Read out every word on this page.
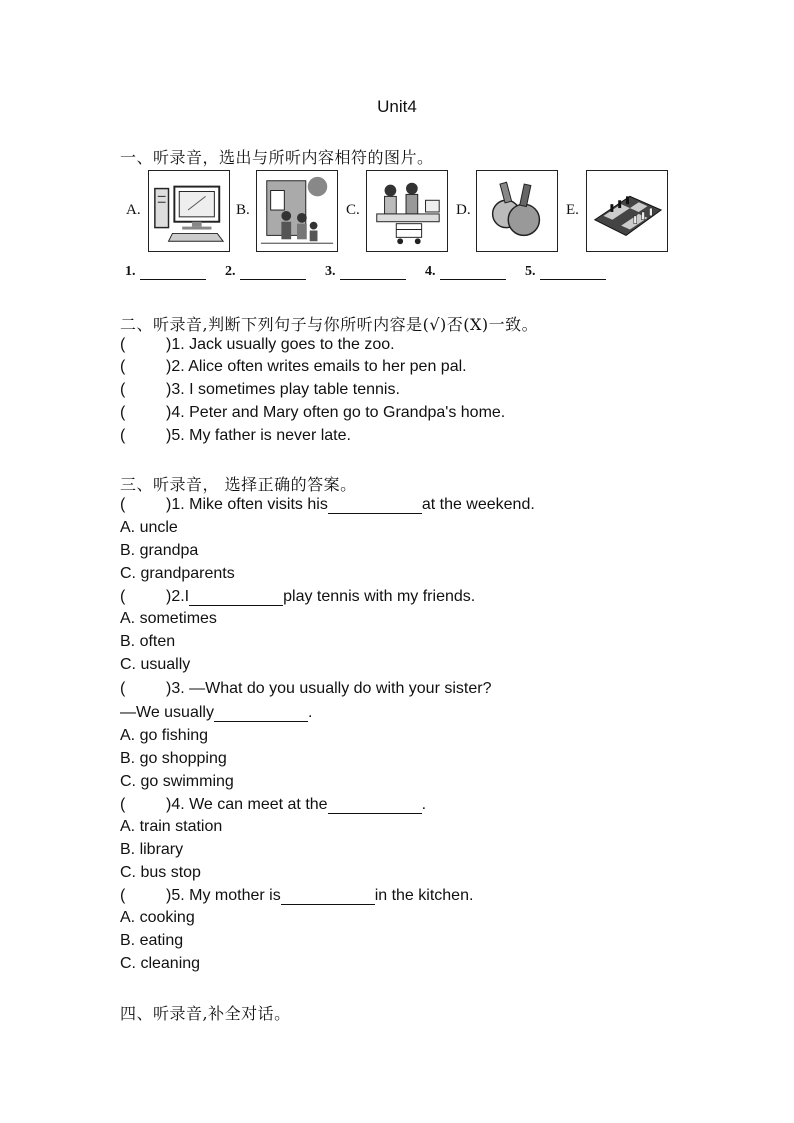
Unit4
一、听录音，选出与所听内容相符的图片。
A.	B.	C.	D.	E.
1.	2.	3.	4.	5.
二、听录音,判断下列句子与你所听内容是(√)否(X)一致。
(	)1. Jack usually goes to the zoo.
(	)2. Alice often writes emails to her pen pal.
(	)3. I sometimes play table tennis.
(	)4. Peter and Mary often go to Grandpa's home.
(	)5. My father is never late.
三、听录音， 选择正确的答案。
(	)1. Mike often visits his	at the weekend.
A. uncle
B. grandpa
C. grandparents
(	)2.I	play tennis with my friends.
A. sometimes
B. often
C. usually
(	)3. —What do you usually do with your sister?
—We usually	.
A. go fishing
B. go shopping
C. go swimming
(	)4. We can meet at the	.
A. train station
B. library
C. bus stop
(	)5. My mother is	in the kitchen.
A. cooking
B. eating
C. cleaning
四、听录音,补全对话。
